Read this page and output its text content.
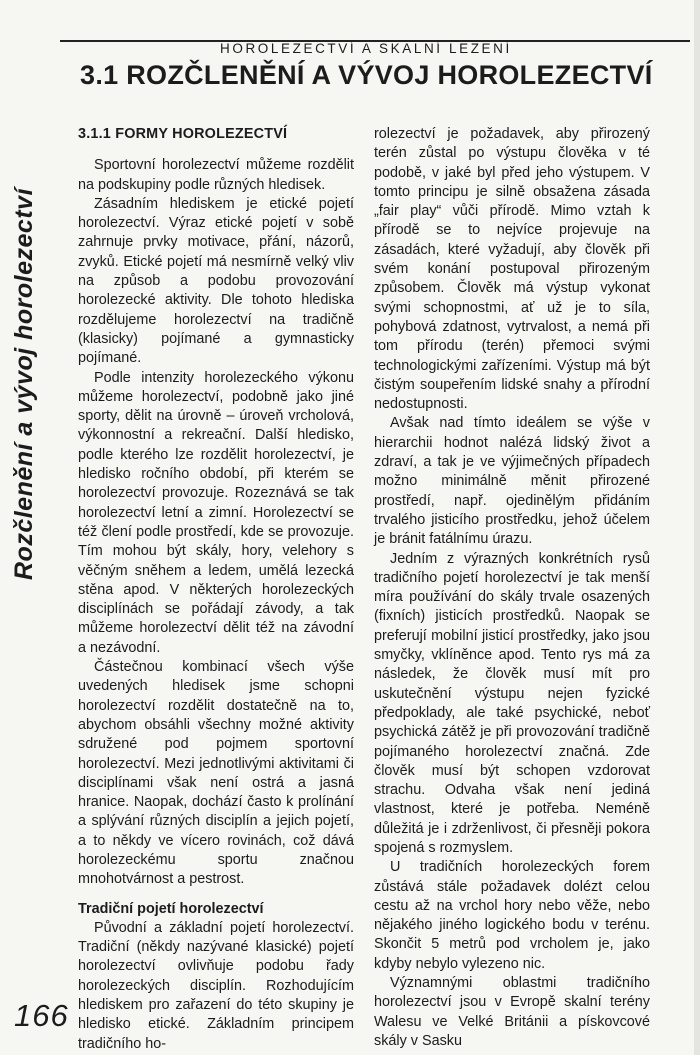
HOROLEZECTVÍ A SKALNÍ LEZENÍ
3.1 ROZČLENĚNÍ A VÝVOJ HOROLEZECTVÍ
Rozčlenění a vývoj horolezectví
3.1.1 FORMY HOROLEZECTVÍ

Sportovní horolezectví můžeme rozdělit na podskupiny podle různých hledisek.

Zásadním hlediskem je etické pojetí horolezectví. Výraz etické pojetí v sobě zahrnuje prvky motivace, přání, názorů, zvyků. Etické pojetí má nesmírně velký vliv na způsob a podobu provozování horolezecké aktivity. Dle tohoto hlediska rozdělujeme horolezectví na tradičně (klasicky) pojímané a gymnasticky pojímané.

Podle intenzity horolezeckého výkonu můžeme horolezectví, podobně jako jiné sporty, dělit na úrovně – úroveň vrcholová, výkonnostní a rekreační. Další hledisko, podle kterého lze rozdělit horolezectví, je hledisko ročního období, při kterém se horolezectví provozuje. Rozeznává se tak horolezectví letní a zimní. Horolezectví se též člení podle prostředí, kde se provozuje. Tím mohou být skály, hory, velehory s věčným sněhem a ledem, umělá lezecká stěna apod. V některých horolezeckých disciplínách se pořádají závody, a tak můžeme horolezectví dělit též na závodní a nezávodní.

Částečnou kombinací všech výše uvedených hledisek jsme schopni horolezectví rozdělit dostatečně na to, abychom obsáhli všechny možné aktivity sdružené pod pojmem sportovní horolezectví. Mezi jednotlivými aktivitami či disciplínami však není ostrá a jasná hranice. Naopak, dochází často k prolínání a splývání různých disciplín a jejich pojetí, a to někdy ve vícero rovinách, což dává horolezeckému sportu značnou mnohotvárnost a pestrost.

Tradiční pojetí horolezectví

Původní a základní pojetí horolezectví. Tradiční (někdy nazývané klasické) pojetí horolezectví ovlivňuje podobu řady horolezeckých disciplín. Rozhodujícím hlediskem pro zařazení do této skupiny je hledisko etické. Základním principem tradičního ho-

rolezectví je požadavek, aby přirozený terén zůstal po výstupu člověka v té podobě, v jaké byl před jeho výstupem. V tomto principu je silně obsažena zásada „fair play“ vůči přírodě. Mimo vztah k přírodě se to nejvíce projevuje na zásadách, které vyžadují, aby člověk při svém konání postupoval přirozeným způsobem. Člověk má výstup vykonat svými schopnostmi, ať už je to síla, pohybová zdatnost, vytrvalost, a nemá při tom přírodu (terén) přemoci svými technologickými zařízeními. Výstup má být čistým soupeřením lidské snahy a přírodní nedostupnosti.

Avšak nad tímto ideálem se výše v hierarchii hodnot nalézá lidský život a zdraví, a tak je ve výjimečných případech možno minimálně měnit přirozené prostředí, např. ojedinělým přidáním trvalého jisticího prostředku, jehož účelem je bránit fatálnímu úrazu.

Jedním z výrazných konkrétních rysů tradičního pojetí horolezectví je tak menší míra používání do skály trvale osazených (fixních) jisticích prostředků. Naopak se preferují mobilní jisticí prostředky, jako jsou smyčky, vklíněnce apod. Tento rys má za následek, že člověk musí mít pro uskutečnění výstupu nejen fyzické předpoklady, ale také psychické, neboť psychická zátěž je při provozování tradičně pojímaného horolezectví značná. Zde člověk musí být schopen vzdorovat strachu. Odvaha však není jediná vlastnost, které je potřeba. Neméně důležitá je i zdrženlivost, či přesněji pokora spojená s rozmyslem.

U tradičních horolezeckých forem zůstává stále požadavek dolézt celou cestu až na vrchol hory nebo věže, nebo nějakého jiného logického bodu v terénu. Skončit 5 metrů pod vrcholem je, jako kdyby nebylo vylezeno nic.

Významnými oblastmi tradičního horolezectví jsou v Evropě skalní terény Walesu ve Velké Británii a pískovcové skály v Sasku

166
